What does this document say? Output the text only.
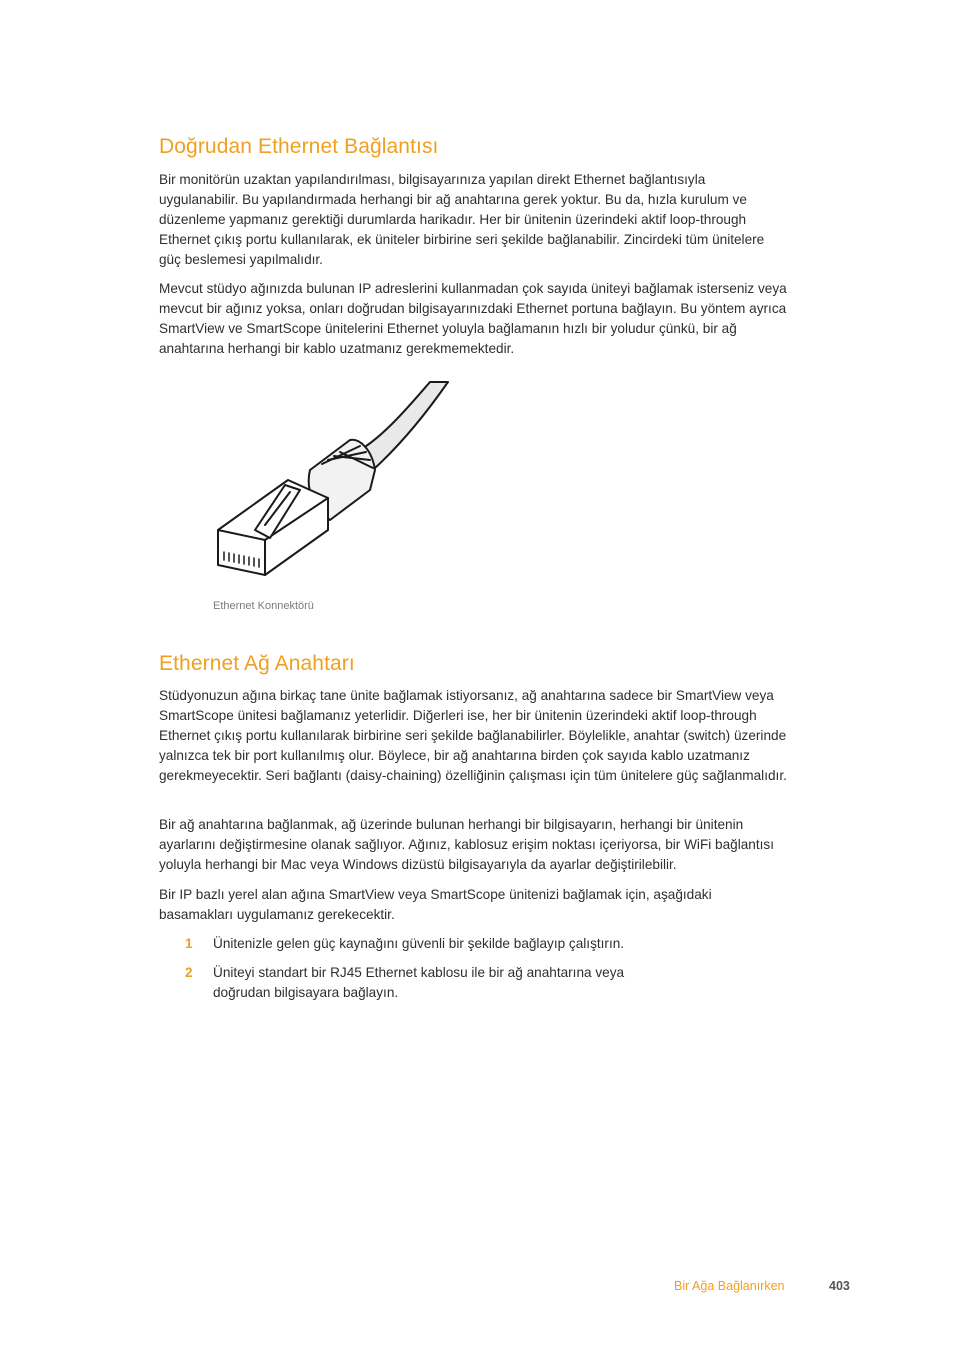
Doğrudan Ethernet Bağlantısı

Bir monitörün uzaktan yapılandırılması, bilgisayarınıza yapılan direkt Ethernet bağlantısıyla uygulanabilir. Bu yapılandırmada herhangi bir ağ anahtarına gerek yoktur. Bu da, hızla kurulum ve düzenleme yapmanız gerektiği durumlarda harikadır. Her bir ünitenin üzerindeki aktif loop-through Ethernet çıkış portu kullanılarak, ek üniteler birbirine seri şekilde bağlanabilir. Zincirdeki tüm ünitelere güç beslemesi yapılmalıdır.

Mevcut stüdyo ağınızda bulunan IP adreslerini kullanmadan çok sayıda üniteyi bağlamak isterseniz veya mevcut bir ağınız yoksa, onları doğrudan bilgisayarınızdaki Ethernet portuna bağlayın. Bu yöntem ayrıca SmartView ve SmartScope ünitelerini Ethernet yoluyla bağlamanın hızlı bir yoludur çünkü, bir ağ anahtarına herhangi bir kablo uzatmanız gerekmemektedir.

Ethernet Konnektörü

Ethernet Ağ Anahtarı

Stüdyonuzun ağına birkaç tane ünite bağlamak istiyorsanız, ağ anahtarına sadece bir SmartView veya SmartScope ünitesi bağlamanız yeterlidir. Diğerleri ise, her bir ünitenin üzerindeki aktif loop-through Ethernet çıkış portu kullanılarak birbirine seri şekilde bağlanabilirler. Böylelikle, anahtar (switch) üzerinde yalnızca tek bir port kullanılmış olur. Böylece, bir ağ anahtarına birden çok sayıda kablo uzatmanız gerekmeyecektir. Seri bağlantı (daisy-chaining) özelliğinin çalışması için tüm ünitelere güç sağlanmalıdır.

Bir ağ anahtarına bağlanmak, ağ üzerinde bulunan herhangi bir bilgisayarın, herhangi bir ünitenin ayarlarını değiştirmesine olanak sağlıyor. Ağınız, kablosuz erişim noktası içeriyorsa, bir WiFi bağlantısı yoluyla herhangi bir Mac veya Windows dizüstü bilgisayarıyla da ayarlar değiştirilebilir.

Bir IP bazlı yerel alan ağına SmartView veya SmartScope ünitenizi bağlamak için, aşağıdaki basamakları uygulamanız gerekecektir.

1 Ünitenizle gelen güç kaynağını güvenli bir şekilde bağlayıp çalıştırın.
2 Üniteyi standart bir RJ45 Ethernet kablosu ile bir ağ anahtarına veya doğrudan bilgisayara bağlayın.
Bir Ağa Bağlanırken	403
